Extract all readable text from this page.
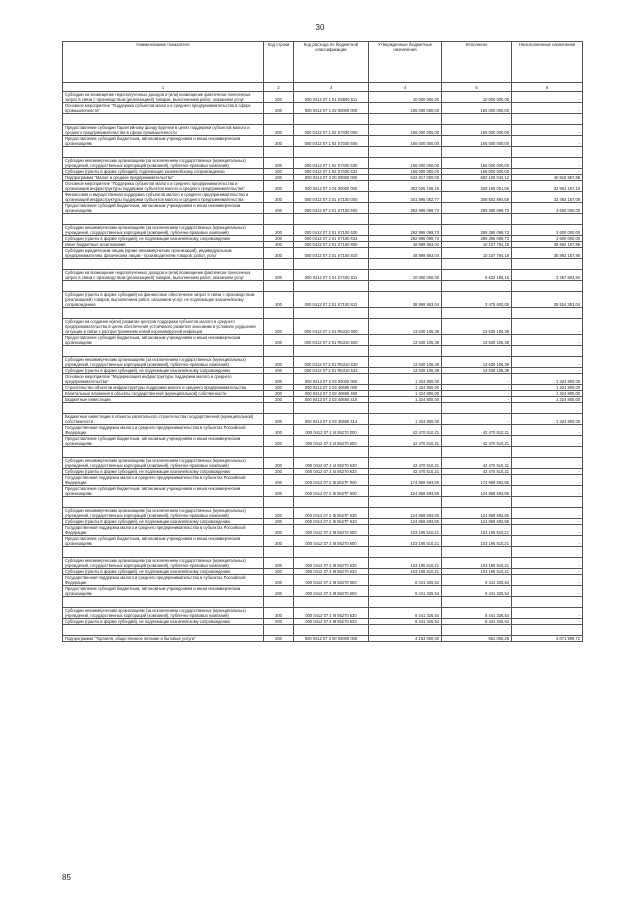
30
Наименование показателя	Код строки	Код расхода по бюджетной классификации	Утвержденные бюджетные назначения	Исполнено	Неисполненные назначения
1	2	3	4	5	6
Субсидии на возмещение недополученных доходов и (или) возмещение фактически понесенных затрат в связи с производством (реализацией) товаров, выполнением работ, оказанием услуг	200	000 0412 07 1 01 S6900 811	10 000 000,00	10 000 000,00	-
Основное мероприятие "Поддержка субъектов малого и среднего предпринимательства в сфере промышленности"	200	000 0412 07 1 02 00000 000	165 000 000,00	165 000 000,00	-

Предоставление субсидии Гарантийному фонду Бурятии в целях поддержки субъектов малого и среднего предпринимательства в сфере промышленности	200	000 0412 07 1 02 S7030 000	165 000 000,00	165 000 000,00	-
Предоставление субсидий бюджетным, автономным учреждениям и иным некоммерческим организациям	200	000 0412 07 1 02 S7030 600	165 000 000,00	165 000 000,00	-

Субсидии некоммерческим организациям (за исключением государственных (муниципальных) учреждений, государственных корпораций (компаний), публично-правовых компаний)	200	000 0412 07 1 02 S7030 630	165 000 000,00	165 000 000,00	-
Субсидии (гранты в форме субсидий), подлежащие казначейскому сопровождению	200	000 0412 07 1 02 S7030 632	165 000 000,00	165 000 000,00	-
Подпрограмма "Малое и среднее предпринимательство"	200	000 0412 07 2 00 00000 000	642 817 000,00	602 100 042,12	40 816 957,88
Основное мероприятие "Поддержка субъектов малого и среднего предпринимательства и организаций инфраструктуры поддержки субъектов малого и среднего предпринимательства"	200	000 0412 07 2 01 00000 000	362 026 158,16	329 165 001,06	32 861 157,10
Финансовая и имущественная поддержка субъектов малого и среднего предпринимательства и организаций инфраструктуры поддержки субъектов малого и среднего предпринимательства	200	000 0412 07 2 01 S7100 000	341 995 052,77	309 502 894,59	32 492 157,08
Предоставление субсидий бюджетным, автономным учреждениям и иным некоммерческим организациям	200	000 0412 07 2 01 S7100 600	292 995 099,73	289 395 099,73	3 600 000,00

Субсидии некоммерческим организациям (за исключением государственных (муниципальных) учреждений, государственных корпораций (компаний), публично-правовых компаний)	200	000 0412 07 2 01 S7100 630	292 995 099,73	289 395 099,73	3 600 000,00
Субсидии (гранты в форме субсидий), не подлежащие казначейскому сопровождению	200	000 0412 07 2 01 S7100 633	292 995 099,73	289 395 099,73	3 600 000,00
Иные бюджетные ассигнования	200	000 0412 07 2 01 S7100 800	48 999 953,04	10 107 794,18	38 892 157,86
Субсидии юридическим лицам (кроме некоммерческих организаций), индивидуальным предпринимателям, физическим лицам - производителям товаров, работ, услуг	200	000 0412 07 2 01 S7100 810	48 999 953,04	10 107 794,18	38 892 157,86

Субсидии на возмещение недополученных доходов и (или) возмещение фактически понесенных затрат в связи с производством (реализацией) товаров, выполнением работ, оказанием услуг	200	000 0412 07 2 01 S7100 811	10 000 000,00	6 632 195,16	3 367 804,84

Субсидии (гранты в форме субсидий) на финансовое обеспечение затрат в связи с производством (реализацией) товаров, выполнением работ, оказанием услуг, не подлежащие казначейскому сопровождению	200	000 0412 07 2 01 S7100 813	38 999 953,04	3 475 600,00	35 524 353,04

Субсидии на создание и(или) развитие центров поддержки субъектов малого и среднего предпринимательства в целях обеспечения устойчивого развития экономики в условиях ухудшения ситуации в связи с распространением новой коронавирусной инфекции	200	000 0412 07 2 01 R5310 000	13 630 106,39	13 630 106,39	-
Предоставление субсидий бюджетным, автономным учреждениям и иным некоммерческим организациям	200	000 0412 07 2 01 R5310 600	13 630 106,39	13 630 106,39	-

Субсидии некоммерческим организациям (за исключением государственных (муниципальных) учреждений, государственных корпораций (компаний), публично-правовых компаний)	200	000 0412 07 2 01 R5310 630	13 630 106,39	13 630 106,39	-
Субсидии (гранты в форме субсидий), не подлежащие казначейскому сопровождению	200	000 0412 07 2 01 R5310 633	13 630 106,39	13 630 106,39	-
Основное мероприятие "Модернизация инфраструктуры поддержки малого и среднего предпринимательства"	200	000 0412 07 2 03 00000 000	1 324 800,00	-	1 324 800,00
Строительство объектов инфраструктуры поддержки малого и среднего предпринимательства	200	000 0412 07 2 03 40690 000	1 324 800,00	-	1 324 800,00
Капитальные вложения в объекты государственной (муниципальной) собственности	200	000 0412 07 2 03 40690 400	1 324 800,00	-	1 324 800,00
Бюджетные инвестиции	200	000 0412 07 2 03 40690 410	1 324 800,00	-	1 324 800,00

Бюджетные инвестиции в объекты капитального строительства государственной (муниципальной) собственности	200	000 0412 07 2 03 40690 414	1 324 800,00	-	1 324 800,00
Государственная поддержка малого и среднего предпринимательства в субъектах Российской Федерации	200	000 0412 07 2 I4 55270 000	42 470 510,21	42 470 510,21	-
Предоставление субсидий бюджетным, автономным учреждениям и иным некоммерческим организациям	200	000 0412 07 2 I4 55270 600	42 470 510,21	42 470 510,21	-

Субсидии некоммерческим организациям (за исключением государственных (муниципальных) учреждений, государственных корпораций (компаний), публично-правовых компаний)	200	000 0412 07 2 I4 55270 630	42 470 510,21	42 470 510,21	-
Субсидии (гранты в форме субсидий), не подлежащие казначейскому сопровождению	200	000 0412 07 2 I4 55270 633	42 470 510,21	42 470 510,21	-
Государственная поддержка малого и среднего предпринимательства в субъектах Российской Федерации	200	000 0412 07 2 I5 5527F 000	174 869 693,85	174 869 693,85	-
Предоставление субсидий бюджетным, автономным учреждениям и иным некоммерческим организациям	200	000 0412 07 2 I5 5527F 600	124 869 693,85	124 869 693,85	-

Субсидии некоммерческим организациям (за исключением государственных (муниципальных) учреждений, государственных корпораций (компаний), публично-правовых компаний)	200	000 0412 07 2 I5 5527F 630	124 869 693,85	124 869 693,85	-
Субсидии (гранты в форме субсидий), не подлежащие казначейскому сопровождению	200	000 0412 07 2 I5 5527F 633	124 869 693,85	124 869 693,85	-
Государственная поддержка малого и среднего предпринимательства в субъектах Российской Федерации	200	000 0412 07 2 I8 55270 000	103 195 510,21	103 195 510,21	-
Предоставление субсидий бюджетным, автономным учреждениям и иным некоммерческим организациям	200	000 0412 07 2 I8 55270 600	103 195 510,21	103 195 510,21	-

Субсидии некоммерческим организациям (за исключением государственных (муниципальных) учреждений, государственных корпораций (компаний), публично-правовых компаний)	200	000 0412 07 2 I8 55270 630	103 195 510,21	103 195 510,21	-
Субсидии (гранты в форме субсидий), не подлежащие казначейскому сопровождению	200	000 0412 07 2 I8 55270 633	103 195 510,21	103 195 510,21	-
Государственная поддержка малого и среднего предпринимательства в субъектах Российской Федерации	200	000 0412 07 2 I8 55270 000	8 441 326,54	8 441 326,54	-
Предоставление субсидий бюджетным, автономным учреждениям и иным некоммерческим организациям	200	000 0412 07 2 I8 55270 600	8 441 326,54	8 441 326,54	-

Субсидии некоммерческим организациям (за исключением государственных (муниципальных) учреждений, государственных корпораций (компаний), публично-правовых компаний)	200	000 0412 07 2 I8 55270 630	8 441 326,54	8 441 326,54	-
Субсидии (гранты в форме субсидий), не подлежащие казначейскому сопровождению	200	000 0412 07 2 I8 55270 633	8 441 326,54	8 441 326,54	-

Подпрограмма "Торговля, общественное питание и бытовые услуги"	200	000 0412 07 3 00 00000 000	4 153 000,00	681 000,28	3 071 999,72
85
